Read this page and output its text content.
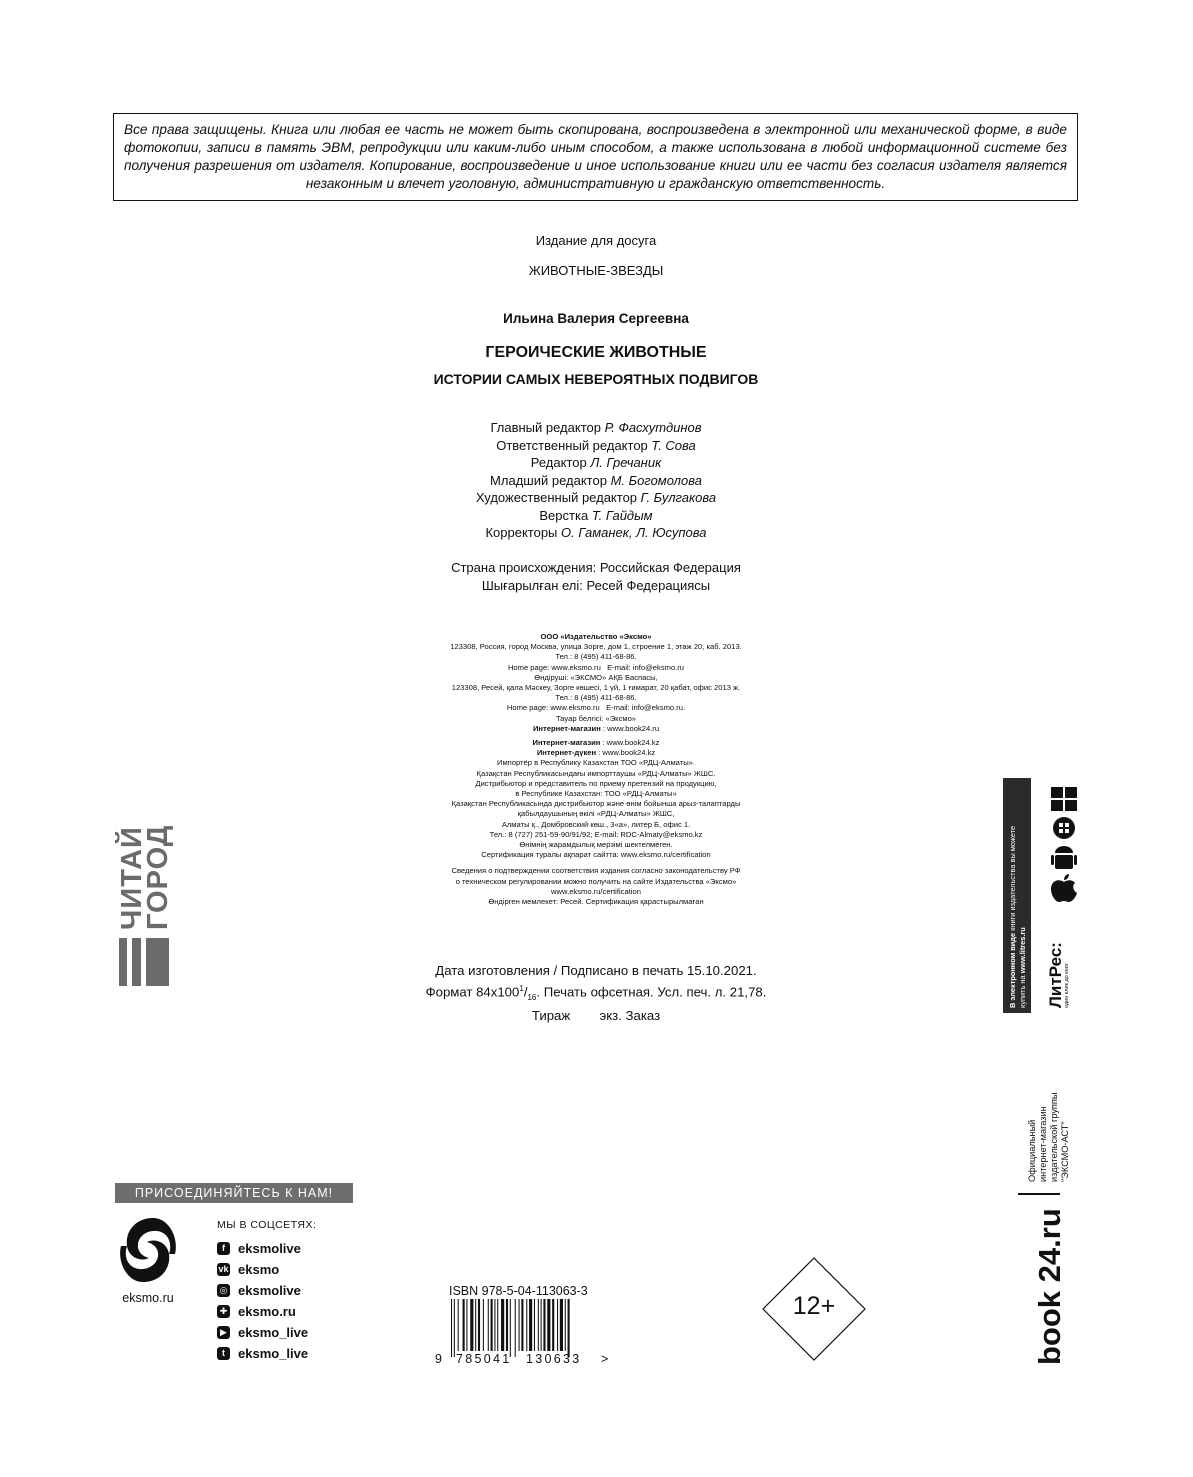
Все права защищены. Книга или любая ее часть не может быть скопирована, воспроизведена в электронной или механической форме, в виде фотокопии, записи в память ЭВМ, репродукции или каким-либо иным способом, а также использована в любой информационной системе без получения разрешения от издателя. Копирование, воспроизведение и иное использование книги или ее части без согласия издателя является незаконным и влечет уголовную, административную и гражданскую ответственность.
Издание для досуга
ЖИВОТНЫЕ-ЗВЕЗДЫ
Ильина Валерия Сергеевна
ГЕРОИЧЕСКИЕ ЖИВОТНЫЕ
ИСТОРИИ САМЫХ НЕВЕРОЯТНЫХ ПОДВИГОВ
Главный редактор Р. Фасхутдинов
Ответственный редактор Т. Сова
Редактор Л. Гречаник
Младший редактор М. Богомолова
Художественный редактор Г. Булгакова
Верстка Т. Гайдым
Корректоры О. Гаманек, Л. Юсупова
Страна происхождения: Российская Федерация
Шығарылған елі: Ресей Федерациясы
ООО «Издательство «Эксмо»
123308, Россия, город Москва, улица Зорге, дом 1, строение 1, этаж 20, каб. 2013.
Тел.: 8 (495) 411-68-86.
Home page: www.eksmo.ru   E-mail: info@eksmo.ru
Өндіруші: «ЭКСМО» АҚБ Баспасы,
123308, Ресей, қала Мәскеу, Зорге көшесі, 1 үй, 1 ғимарат, 20 қабат, офис 2013 ж.
Тел.: 8 (495) 411-68-86.
Home page: www.eksmo.ru   E-mail: info@eksmo.ru.
Тауар белгісі: «Эксмо»
Интернет-магазин : www.book24.ru
Интернет-магазин : www.book24.kz
Интернет-дүкен : www.book24.kz
Импортёр в Республику Казахстан ТОО «РДЦ-Алматы».
Қазақстан Республикасындағы импорттаушы «РДЦ-Алматы» ЖШС.
Дистрибьютор и представитель по приему претензий на продукцию,
в Республике Казахстан: ТОО «РДЦ-Алматы»
Қазақстан Республикасында дистрибьютор және өнім бойынша арыз-талаптарды
қабылдаушының өкілі «РДЦ-Алматы» ЖШС,
Алматы қ., Домбровский көш., 3«а», литер Б, офис 1.
Тел.: 8 (727) 251-59-90/91/92; E-mail: RDC-Almaty@eksmo.kz
Өнімнің жарамдылық мерзімі шектелмеген.
Сертификация туралы ақпарат сайтта: www.eksmo.ru/certification
Сведения о подтверждении соответствия издания согласно законодательству РФ
о техническом регулировании можно получить на сайте Издательства «Эксмо»
www.eksmo.ru/certification
Өндірген мемлекет: Ресей. Сертификация қарастырылмаған
Дата изготовления / Подписано в печать 15.10.2021.
Формат $84х100^1/_{16}$. Печать офсетная. Усл. печ. л. 21,78.
Тираж        экз. Заказ
ЧИТАЙ
ГОРОД
В электронном виде книги издательства вы можете
купить на www.litres.ru ЛитРес: один клик до книг
Официальный интернет-магазин издательской группы "ЭКСМО-АСТ"
book 24.ru
ПРИСОЕДИНЯЙТЕСЬ К НАМ!
eksmo.ru
МЫ В СОЦСЕТЯХ:
f	eksmolive
vk eksmo
◎ eksmolive
✚ eksmo.ru
▶ eksmo_live
t	eksmo_live
ISBN 978-5-04-113063-3
9 785041 130633 >
12+
